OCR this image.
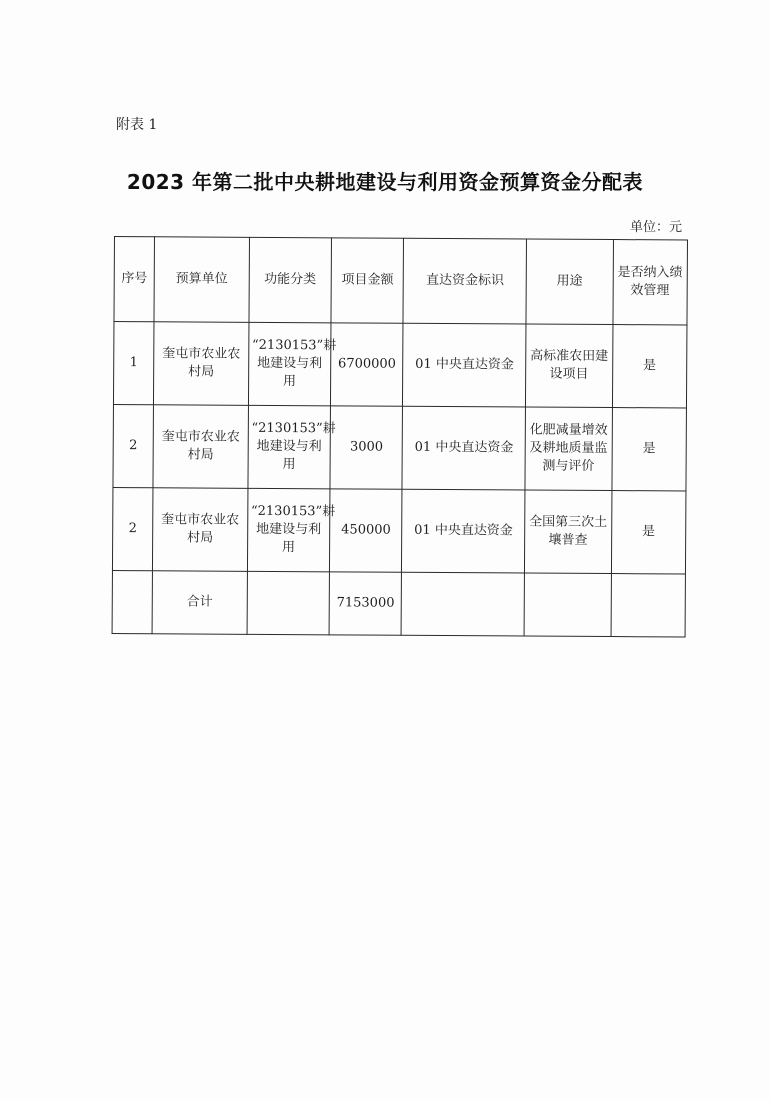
附表 1
2023 年第二批中央耕地建设与利用资金预算资金分配表
单位：元
序号	预算单位	功能分类	项目金额	直达资金标识	用途	是否纳入绩效管理
1	奎屯市农业农村局	“2130153”耕地建设与利用	6700000	01 中央直达资金	高标准农田建设项目	是
2	奎屯市农业农村局	“2130153”耕地建设与利用	3000	01 中央直达资金	化肥减量增效及耕地质量监测与评价	是
2	奎屯市农业农村局	“2130153”耕地建设与利用	450000	01 中央直达资金	全国第三次土壤普查	是
	合计		7153000			
